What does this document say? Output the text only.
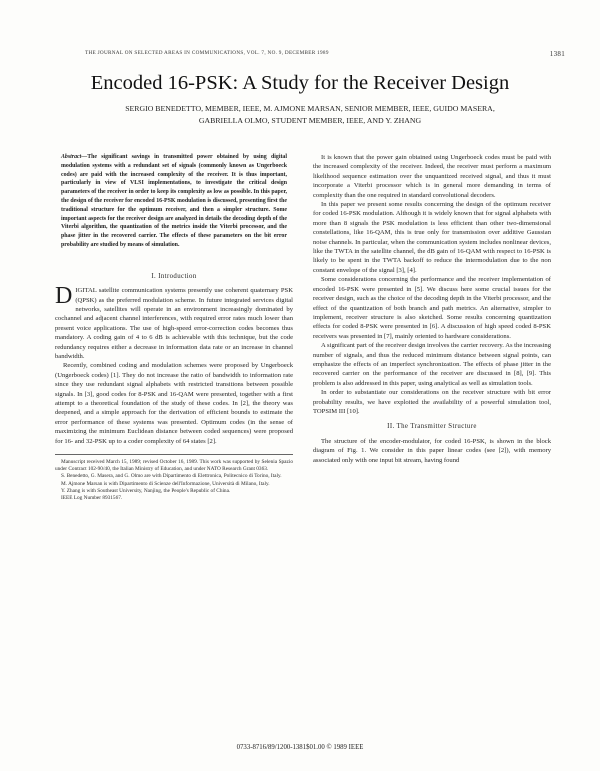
THE JOURNAL ON SELECTED AREAS IN COMMUNICATIONS, VOL. 7, NO. 9, DECEMBER 1989	1381
Encoded 16-PSK: A Study for the Receiver Design
SERGIO BENEDETTO, MEMBER, IEEE, M. AJMONE MARSAN, SENIOR MEMBER, IEEE, GUIDO MASERA,
GABRIELLA OLMO, STUDENT MEMBER, IEEE, AND Y. ZHANG
Abstract—The significant savings in transmitted power obtained by using digital modulation systems with a redundant set of signals (commonly known as Ungerboeck codes) are paid with the increased complexity of the receiver. It is thus important, particularly in view of VLSI implementations, to investigate the critical design parameters of the receiver in order to keep its complexity as low as possible. In this paper, the design of the receiver for encoded 16-PSK modulation is discussed, presenting first the traditional structure for the optimum receiver, and then a simpler structure. Some important aspects for the receiver design are analyzed in details the decoding depth of the Viterbi algorithm, the quantization of the metrics inside the Viterbi processor, and the phase jitter in the recovered carrier. The effects of these parameters on the bit error probability are studied by means of simulation.
I. Introduction

DIGITAL satellite communication systems presently use coherent quaternary PSK (QPSK) as the preferred modulation scheme. In future integrated services digital networks, satellites will operate in an environment increasingly dominated by cochannel and adjacent channel interferences, with required error rates much lower than present voice applications. The use of high-speed error-correction codes becomes thus mandatory. A coding gain of 4 to 6 dB is achievable with this technique, but the code redundancy requires either a decrease in information data rate or an increase in channel bandwidth.

Recently, combined coding and modulation schemes were proposed by Ungerboeck (Ungerboeck codes) [1]. They do not increase the ratio of bandwidth to information rate since they use redundant signal alphabets with restricted transitions between possible signals. In [3], good codes for 8-PSK and 16-QAM were presented, together with a first attempt to a theoretical foundation of the study of these codes. In [2], the theory was deepened, and a simple approach for the derivation of efficient bounds to estimate the error performance of these systems was presented. Optimum codes (in the sense of maximizing the minimum Euclidean distance between coded sequences) were proposed for 16- and 32-PSK up to a coder complexity of 64 states [2].

Manuscript received March 15, 1989; revised October 16, 1989. This work was supported by Selenia Spazio under Contract 102-90/40, the Italian Ministry of Education, and under NATO Research Grant 0363.

S. Benedetto, G. Masera, and G. Olmo are with Dipartimento di Elettronica, Politecnico di Torino, Italy.

M. Ajmone Marsan is with Dipartimento di Scienze dell'Informazione, Università di Milano, Italy.

Y. Zhang is with Southeast University, Nanjing, the People's Republic of China.

IEEE Log Number 8931567.

It is known that the power gain obtained using Ungerboeck codes must be paid with the increased complexity of the receiver. Indeed, the receiver must perform a maximum likelihood sequence estimation over the unquantized received signal, and thus it must incorporate a Viterbi processor which is in general more demanding in terms of complexity than the one required in standard convolutional decoders.

In this paper we present some results concerning the design of the optimum receiver for coded 16-PSK modulation. Although it is widely known that for signal alphabets with more than 8 signals the PSK modulation is less efficient than other two-dimensional constellations, like 16-QAM, this is true only for transmission over additive Gaussian noise channels. In particular, when the communication system includes nonlinear devices, like the TWTA in the satellite channel, the dB gain of 16-QAM with respect to 16-PSK is likely to be spent in the TWTA backoff to reduce the intermodulation due to the non constant envelope of the signal [3], [4].

Some considerations concerning the performance and the receiver implementation of encoded 16-PSK were presented in [5]. We discuss here some crucial issues for the receiver design, such as the choice of the decoding depth in the Viterbi processor, and the effect of the quantization of both branch and path metrics. An alternative, simpler to implement, receiver structure is also sketched. Some results concerning quantization effects for coded 8-PSK were presented in [6]. A discussion of high speed coded 8-PSK receivers was presented in [7], mainly oriented to hardware considerations.

A significant part of the receiver design involves the carrier recovery. As the increasing number of signals, and thus the reduced minimum distance between signal points, can emphasize the effects of an imperfect synchronization. The effects of phase jitter in the recovered carrier on the performance of the receiver are discussed in [8], [9]. This problem is also addressed in this paper, using analytical as well as simulation tools.

In order to substantiate our considerations on the receiver structure with bit error probability results, we have exploited the availability of a powerful simulation tool, TOPSIM III [10].

II. The Transmitter Structure

The structure of the encoder-modulator, for coded 16-PSK, is shown in the block diagram of Fig. 1. We consider in this paper linear codes (see [2]), with memory associated only with one input bit stream, having found

0733-8716/89/1200-1381$01.00 © 1989 IEEE
